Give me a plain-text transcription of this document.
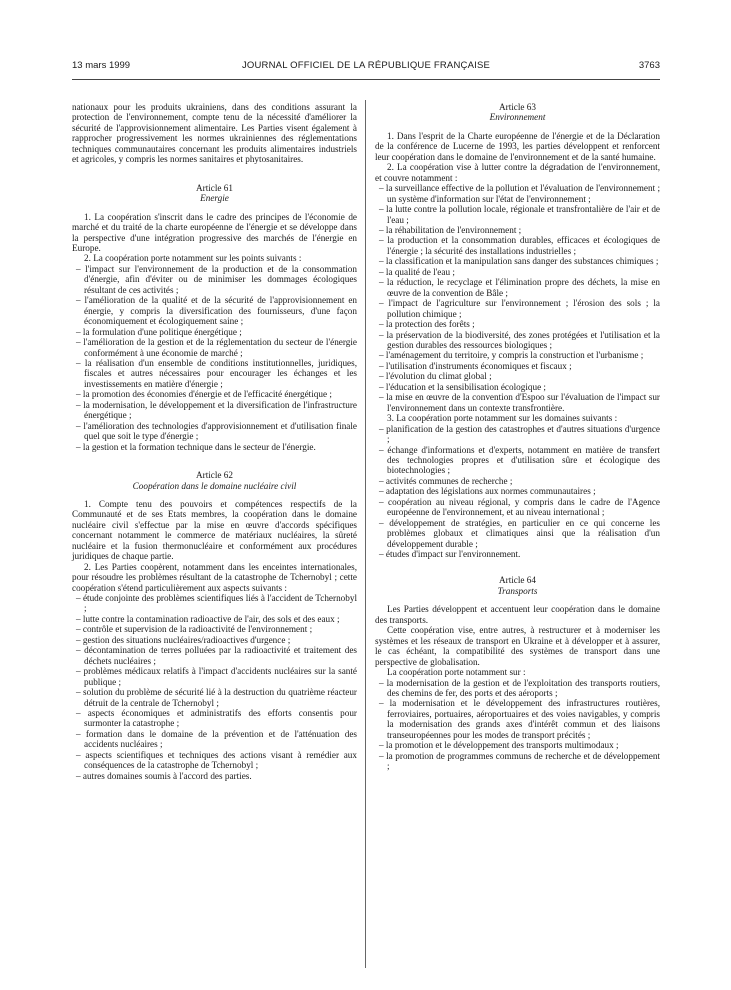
13 mars 1999	JOURNAL OFFICIEL DE LA RÉPUBLIQUE FRANÇAISE	3763

nationaux pour les produits ukrainiens, dans des conditions assurant la protection de l'environnement, compte tenu de la nécessité d'améliorer la sécurité de l'approvisionnement alimentaire. Les Parties visent également à rapprocher progressivement les normes ukrainiennes des réglementations techniques communautaires concernant les produits alimentaires industriels et agricoles, y compris les normes sanitaires et phytosanitaires.

Article 61

Energie

1. La coopération s'inscrit dans le cadre des principes de l'économie de marché et du traité de la charte européenne de l'énergie et se développe dans la perspective d'une intégration progressive des marchés de l'énergie en Europe.

2. La coopération porte notamment sur les points suivants :

– l'impact sur l'environnement de la production et de la consommation d'énergie, afin d'éviter ou de minimiser les dommages écologiques résultant de ces activités ;

– l'amélioration de la qualité et de la sécurité de l'approvisionnement en énergie, y compris la diversification des fournisseurs, d'une façon économiquement et écologiquement saine ;

– la formulation d'une politique énergétique ;

– l'amélioration de la gestion et de la réglementation du secteur de l'énergie conformément à une économie de marché ;

– la réalisation d'un ensemble de conditions institutionnelles, juridiques, fiscales et autres nécessaires pour encourager les échanges et les investissements en matière d'énergie ;

– la promotion des économies d'énergie et de l'efficacité énergétique ;

– la modernisation, le développement et la diversification de l'infrastructure énergétique ;

– l'amélioration des technologies d'approvisionnement et d'utilisation finale quel que soit le type d'énergie ;

– la gestion et la formation technique dans le secteur de l'énergie.

Article 62

Coopération dans le domaine nucléaire civil

1. Compte tenu des pouvoirs et compétences respectifs de la Communauté et de ses Etats membres, la coopération dans le domaine nucléaire civil s'effectue par la mise en œuvre d'accords spécifiques concernant notamment le commerce de matériaux nucléaires, la sûreté nucléaire et la fusion thermonucléaire et conformément aux procédures juridiques de chaque partie.

2. Les Parties coopèrent, notamment dans les enceintes internationales, pour résoudre les problèmes résultant de la catastrophe de Tchernobyl ; cette coopération s'étend particulièrement aux aspects suivants :

– étude conjointe des problèmes scientifiques liés à l'accident de Tchernobyl ;

– lutte contre la contamination radioactive de l'air, des sols et des eaux ;

– contrôle et supervision de la radioactivité de l'environnement ;

– gestion des situations nucléaires/radioactives d'urgence ;

– décontamination de terres polluées par la radioactivité et traitement des déchets nucléaires ;

– problèmes médicaux relatifs à l'impact d'accidents nucléaires sur la santé publique ;

– solution du problème de sécurité lié à la destruction du quatrième réacteur détruit de la centrale de Tchernobyl ;

– aspects économiques et administratifs des efforts consentis pour surmonter la catastrophe ;

– formation dans le domaine de la prévention et de l'atténuation des accidents nucléaires ;

– aspects scientifiques et techniques des actions visant à remédier aux conséquences de la catastrophe de Tchernobyl ;

– autres domaines soumis à l'accord des parties.

Article 63

Environnement

1. Dans l'esprit de la Charte européenne de l'énergie et de la Déclaration de la conférence de Lucerne de 1993, les parties développent et renforcent leur coopération dans le domaine de l'environnement et de la santé humaine.

2. La coopération vise à lutter contre la dégradation de l'environnement, et couvre notamment :

– la surveillance effective de la pollution et l'évaluation de l'environnement ; un système d'information sur l'état de l'environnement ;

– la lutte contre la pollution locale, régionale et transfrontalière de l'air et de l'eau ;

– la réhabilitation de l'environnement ;

– la production et la consommation durables, efficaces et écologiques de l'énergie ; la sécurité des installations industrielles ;

– la classification et la manipulation sans danger des substances chimiques ;

– la qualité de l'eau ;

– la réduction, le recyclage et l'élimination propre des déchets, la mise en œuvre de la convention de Bâle ;

– l'impact de l'agriculture sur l'environnement ; l'érosion des sols ; la pollution chimique ;

– la protection des forêts ;

– la préservation de la biodiversité, des zones protégées et l'utilisation et la gestion durables des ressources biologiques ;

– l'aménagement du territoire, y compris la construction et l'urbanisme ;

– l'utilisation d'instruments économiques et fiscaux ;

– l'évolution du climat global ;

– l'éducation et la sensibilisation écologique ;

– la mise en œuvre de la convention d'Espoo sur l'évaluation de l'impact sur l'environnement dans un contexte transfrontière.

3. La coopération porte notamment sur les domaines suivants :

– planification de la gestion des catastrophes et d'autres situations d'urgence ;

– échange d'informations et d'experts, notamment en matière de transfert des technologies propres et d'utilisation sûre et écologique des biotechnologies ;

– activités communes de recherche ;

– adaptation des législations aux normes communautaires ;

– coopération au niveau régional, y compris dans le cadre de l'Agence européenne de l'environnement, et au niveau international ;

– développement de stratégies, en particulier en ce qui concerne les problèmes globaux et climatiques ainsi que la réalisation d'un développement durable ;

– études d'impact sur l'environnement.

Article 64

Transports

Les Parties développent et accentuent leur coopération dans le domaine des transports.

Cette coopération vise, entre autres, à restructurer et à moderniser les systèmes et les réseaux de transport en Ukraine et à développer et à assurer, le cas échéant, la compatibilité des systèmes de transport dans une perspective de globalisation.

La coopération porte notamment sur :

– la modernisation de la gestion et de l'exploitation des transports routiers, des chemins de fer, des ports et des aéroports ;

– la modernisation et le développement des infrastructures routières, ferroviaires, portuaires, aéroportuaires et des voies navigables, y compris la modernisation des grands axes d'intérêt commun et des liaisons transeuropéennes pour les modes de transport précités ;

– la promotion et le développement des transports multimodaux ;

– la promotion de programmes communs de recherche et de développement ;
